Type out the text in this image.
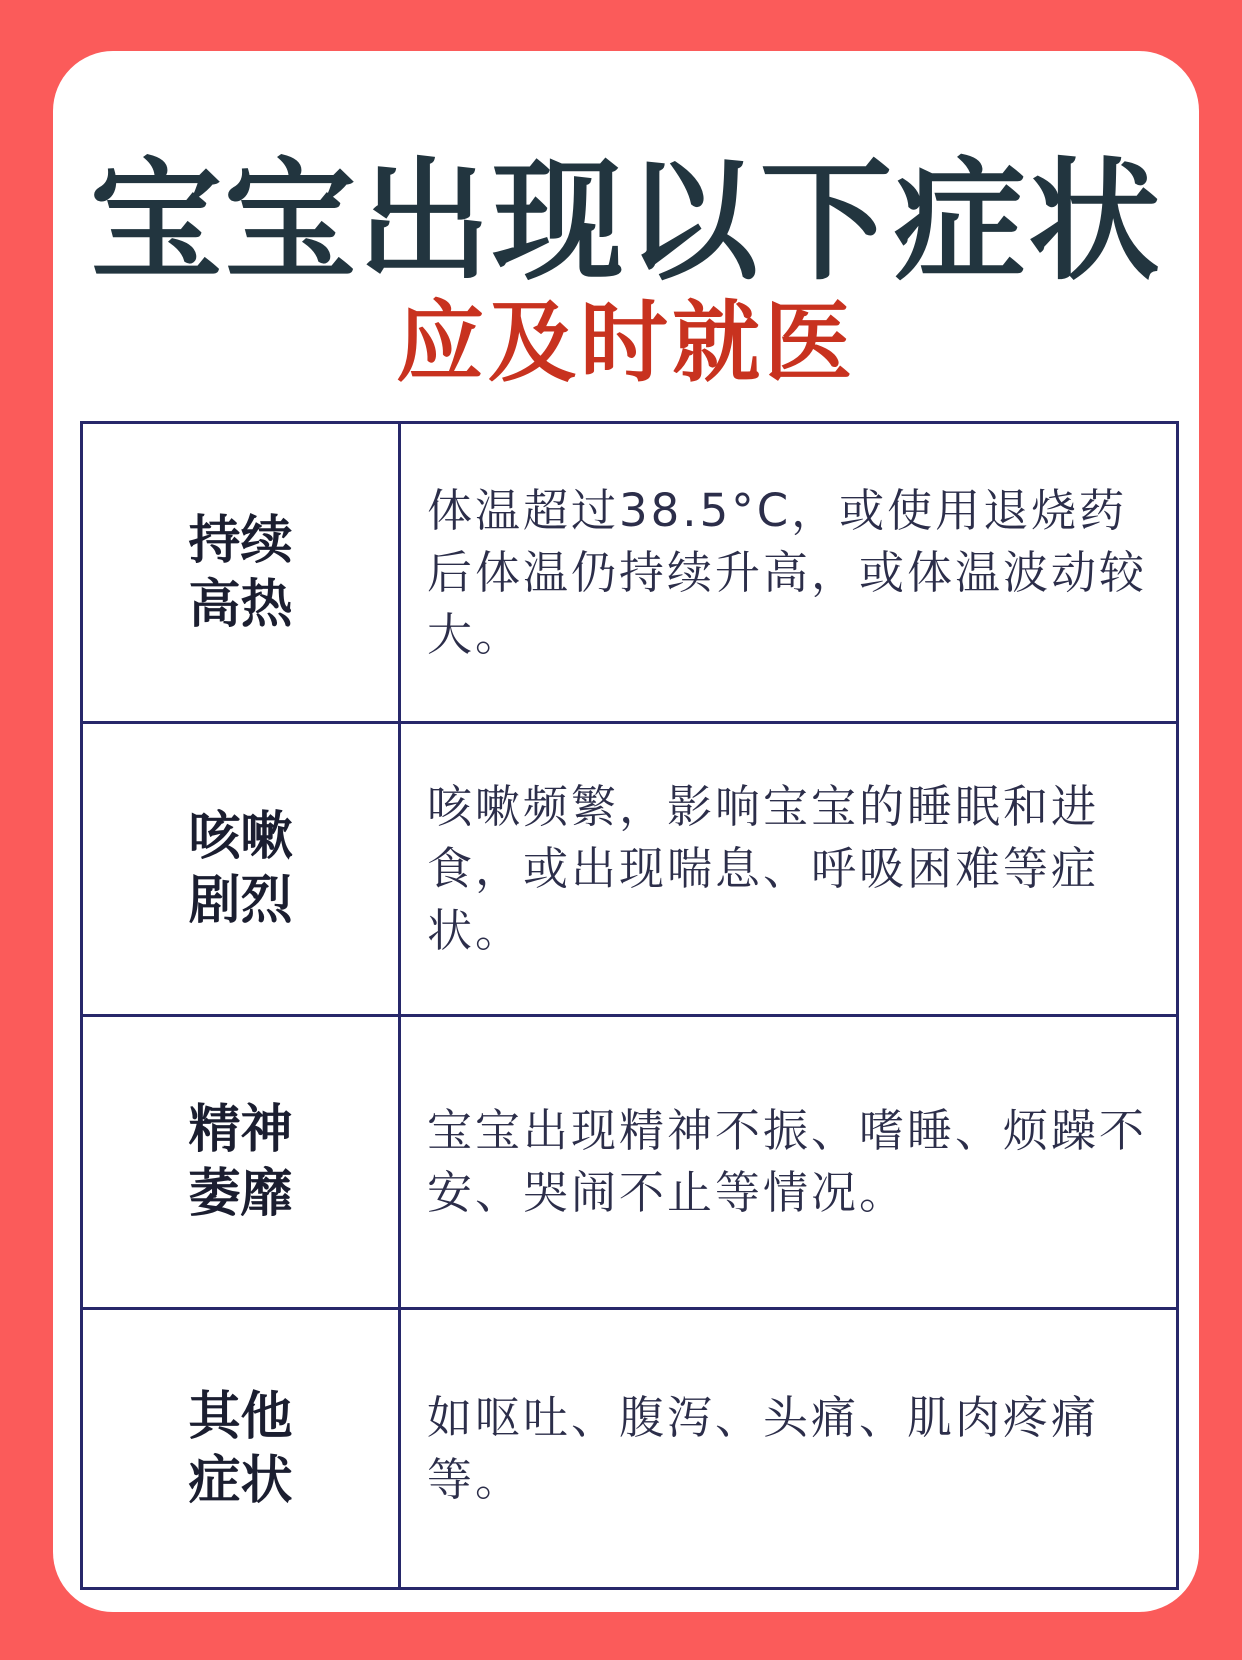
宝宝出现以下症状
应及时就医
持续高热	体温超过38.5°C，或使用退烧药后体温仍持续升高，或体温波动较大。

咳嗽剧烈	咳嗽频繁，影响宝宝的睡眠和进食，或出现喘息、呼吸困难等症状。

精神萎靡	宝宝出现精神不振、嗜睡、烦躁不安、哭闹不止等情况。

其他症状	如呕吐、腹泻、头痛、肌肉疼痛等。
